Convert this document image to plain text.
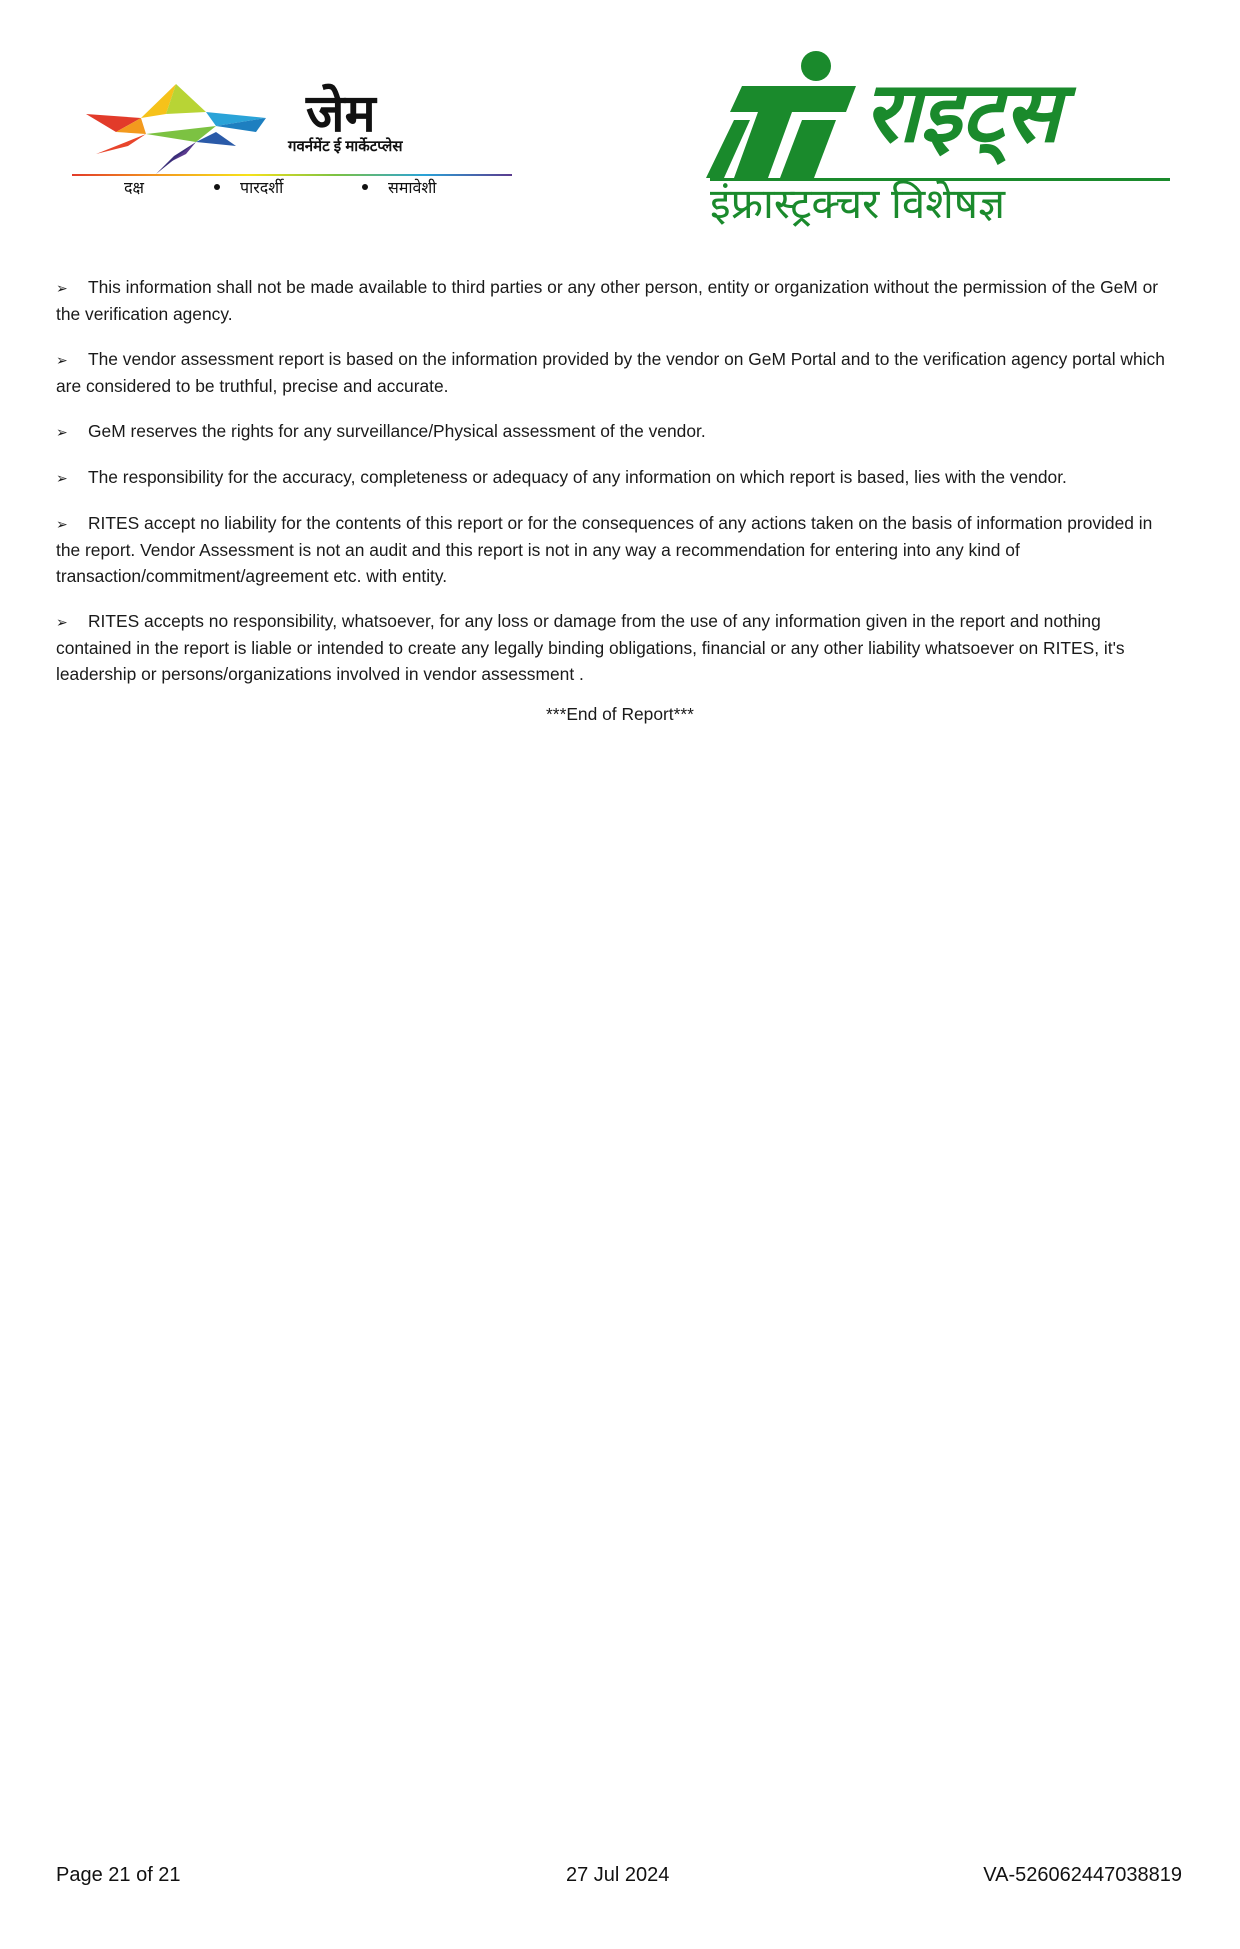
जेम
गवर्नमेंट ई मार्केटप्लेस
दक्ष	पारदर्शी	समावेशी
राइट्स
इंफ्रास्ट्रक्चर विशेषज्ञ

➢ This information shall not be made available to third parties or any other person, entity or organization without the permission of the GeM or the verification agency.

➢ The vendor assessment report is based on the information provided by the vendor on GeM Portal and to the verification agency portal which are considered to be truthful, precise and accurate.

➢ GeM reserves the rights for any surveillance/Physical assessment of the vendor.

➢ The responsibility for the accuracy, completeness or adequacy of any information on which report is based, lies with the vendor.

➢ RITES accept no liability for the contents of this report or for the consequences of any actions taken on the basis of information provided in the report. Vendor Assessment is not an audit and this report is not in any way a recommendation for entering into any kind of transaction/commitment/agreement etc. with entity.

➢ RITES accepts no responsibility, whatsoever, for any loss or damage from the use of any information given in the report and nothing contained in the report is liable or intended to create any legally binding obligations, financial or any other liability whatsoever on RITES, it's leadership or persons/organizations involved in vendor assessment .

***End of Report***
Page 21 of 21	27 Jul 2024	VA-526062447038819
